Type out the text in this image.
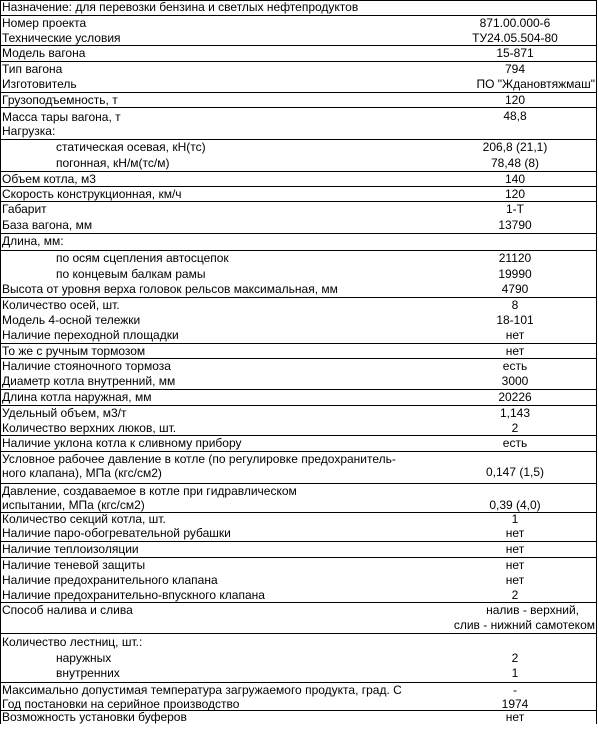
Назначение: для перевозки бензина и светлых нефтепродуктов
Номер проекта	871.00.000-6
Технические условия	ТУ24.05.504-80
Модель вагона	15-871
Тип вагона	794
Изготовитель	ПО "Ждановтяжмаш"
Грузоподъемность, т	120
Масса тары вагона, т	48,8
Нагрузка:
статическая осевая, кН(тс)	206,8 (21,1)
погонная, кН/м(тс/м)	78,48 (8)
Объем котла, м3	140
Скорость конструкционная, км/ч	120
Габарит	1-Т
База вагона, мм	13790
Длина, мм:
по осям сцепления автосцепок	21120
по концевым балкам рамы	19990
Высота от уровня верха головок рельсов максимальная, мм	4790
Количество осей, шт.	8
Модель 4-осной тележки	18-101
Наличие переходной площадки	нет
То же с ручным тормозом	нет
Наличие стояночного тормоза	есть
Диаметр котла внутренний, мм	3000
Длина котла наружная, мм	20226
Удельный объем, м3/т	1,143
Количество верхних люков, шт.	2
Наличие уклона котла к сливному прибору	есть
Условное рабочее давление в котле (по регулировке предохранитель-
ного клапана), МПа (кгс/см2)	0,147 (1,5)
Давление, создаваемое в котле при гидравлическом
испытании, МПа (кгс/см2)	0,39 (4,0)
Количество секций котла, шт.	1
Наличие паро-обогревательной рубашки	нет
Наличие теплоизоляции	нет
Наличие теневой защиты	нет
Наличие предохранительного клапана	нет
Наличие предохранительно-впускного клапана	2
Способ налива и слива	налив - верхний,
слив - нижний самотеком
Количество лестниц, шт.:
наружных	2
внутренних	1
Максимально допустимая температура загружаемого продукта, град. С	-
Год постановки на серийное производство	1974
Возможность установки буферов	нет
